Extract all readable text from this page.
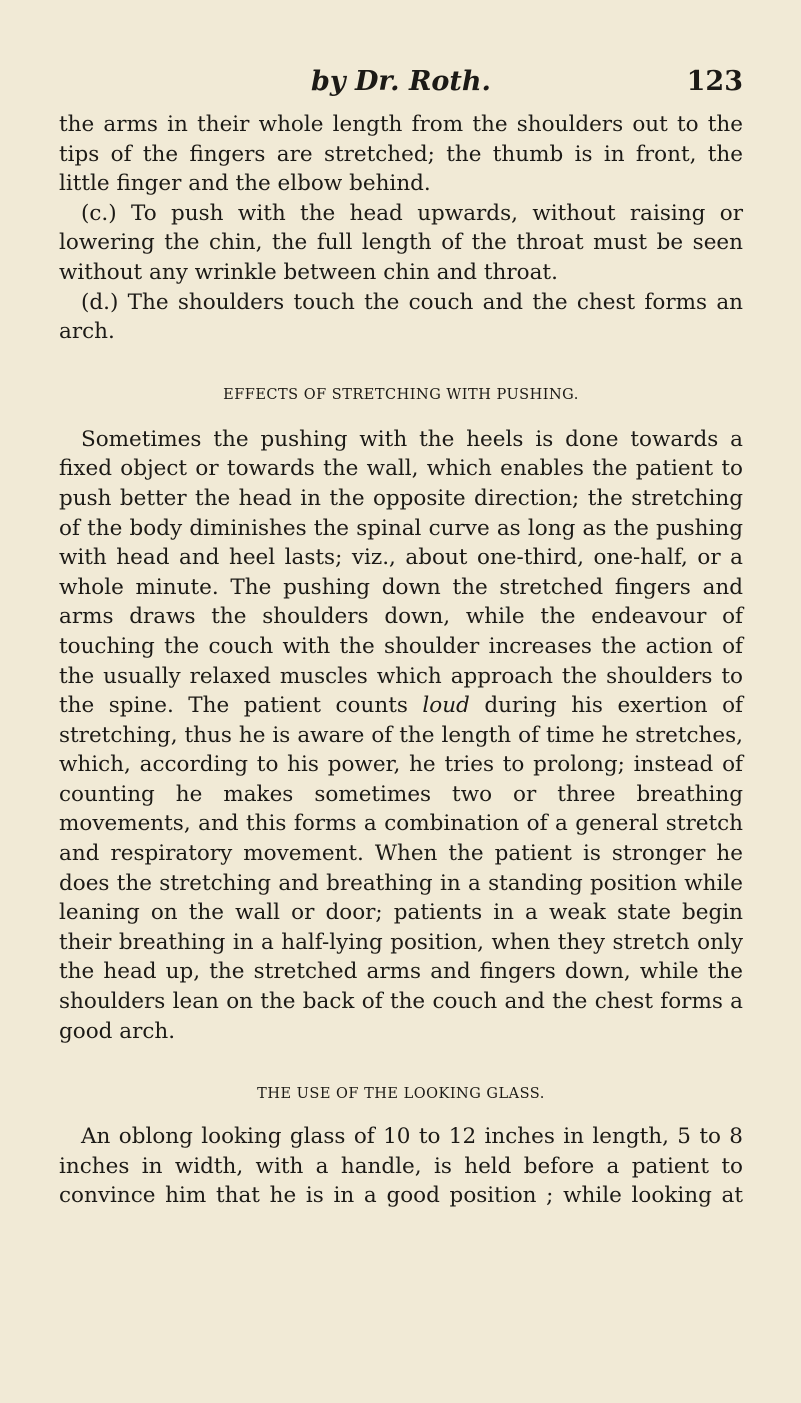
by Dr. Roth.	123

the arms in their whole length from the shoulders out to the tips of the fingers are stretched; the thumb is in front, the little finger and the elbow behind.

(c.) To push with the head upwards, without raising or lowering the chin, the full length of the throat must be seen without any wrinkle between chin and throat.

(d.) The shoulders touch the couch and the chest forms an arch.

EFFECTS OF STRETCHING WITH PUSHING.

Sometimes the pushing with the heels is done towards a fixed object or towards the wall, which enables the patient to push better the head in the opposite direction; the stretching of the body diminishes the spinal curve as long as the pushing with head and heel lasts; viz., about one-third, one-half, or a whole minute. The pushing down the stretched fingers and arms draws the shoulders down, while the endeavour of touching the couch with the shoulder increases the action of the usually relaxed muscles which approach the shoulders to the spine. The patient counts loud during his exertion of stretching, thus he is aware of the length of time he stretches, which, according to his power, he tries to prolong; instead of counting he makes sometimes two or three breathing movements, and this forms a combination of a general stretch and respiratory movement. When the patient is stronger he does the stretching and breathing in a standing position while leaning on the wall or door; patients in a weak state begin their breathing in a half-lying position, when they stretch only the head up, the stretched arms and fingers down, while the shoulders lean on the back of the couch and the chest forms a good arch.

THE USE OF THE LOOKING GLASS.

An oblong looking glass of 10 to 12 inches in length, 5 to 8 inches in width, with a handle, is held before a patient to convince him that he is in a good position ; while looking at
